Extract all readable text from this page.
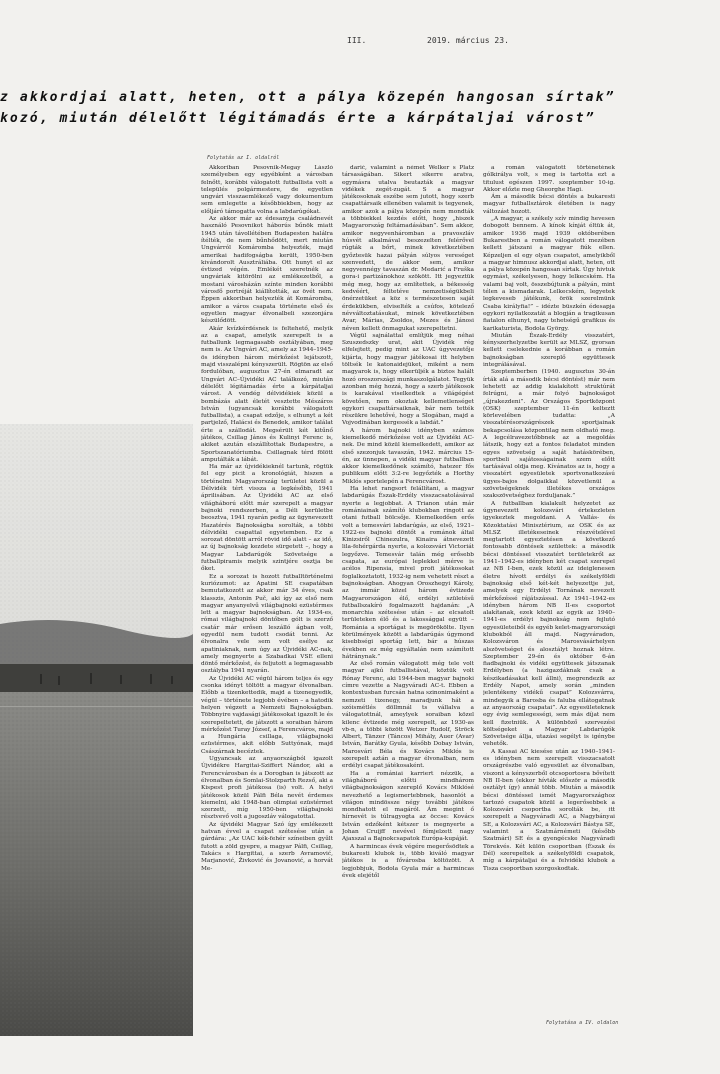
III.	2019. március 23.
z akkordjai alatt, heten, ott a pálya közepén hangosan sírtak”
kozó, miután délelőtt légitámadás érte a kárpátaljai várost”
Folytatás az I. oldalról

Akkoriban Pesovnik-Megay László személyeben egy egyébként a városban felnőtt, korábbi válogatott futballista volt a település polgármestere, de egyetlen ungvári visszaemlékező vagy dokumentum sem emlegette a későbbiekben, hogy az előljáró támogatta volna a labdarúgókat.

Az akkor már az édesanyja családnevét használó Pesovnikot háborús bűnök miatt 1945 után távollétében Budapesten halálra ítélték, de nem bűnhődött, mert miután Ungvárról Komáromba helyezték, majd amerikai hadifogságba került, 1950-ben kivándorolt Ausztráliába. Ott hunyt el az évtized végén. Emlékét szeretnék az ungváriak kitörölni az emlékezetből, a mostani városházán színte minden korábbi városfő portréját kiállították, az övét nem. Éppen akkoriban helyezték át Komáromba, amikor a város csapata története első és egyetlen magyar élvonalbeli szezonjára készülődött.

Akár kvízkérdésnek is feltehető, melyik az a csapat, amelyik szerepelt is a futballunk legmagasabb osztályában, meg nem is. Az Ungvári AC, amely az 1944–1945-ös idényben három mérkőzést lejátszott, majd visszalépni kényszerült. Rögtön az első fordulóban, augusztus 27-én elmaradt az Ungvári AC–Újvidéki AC találkozó, miután délelőtt légitámadás érte a kárpátaljai várost. A vendég délvidékiek közül a bombázás alatt életét vesztette Mészáros István (ugyancsak korábbi válogatott futballista), a csapat edzője, s elhunyt a két partjelző, Halácsi és Benedek, amikor találat érte a szállodát. Megsérült két kitűnő játékos, Csillag János és Kulinyi Ferenc is, akiket azután elszállítottak Budapestre, a Sportszanatóriumba. Csillagnak térd fölött amputálták a lábát.

Ha már az újvidékieknél tartunk, rögtük fel egy picit a kronológiát, hiszen a történelmi Magyarország területei közül a Délvidék tért vissza a legkésőbb, 1941 áprilisában. Az Újvidéki AC az első világháború előtt már szerepelt a magyar bajnoki rendszerben, a Déli kerületbe beosztva, 1941 nyarán pedig az ügynevezett Hazatérés Bajnokságba sorolták, a többi délvidéki csapattal egyetemben. Ez a sorozat döntött arról rövid idő alatt – az idő, az új bajnokság kezdete sürgetett –, hogy a Magyar Labdarúgók Szövetsége a futballpiramis melyik szintjére osztja be őket.

Ez a sorozat is hozott futballtörténelmi kuriózumot: az Apatini SE csapatában bemutatkozott az akkor már 34 éves, csak klasszis, Antonin Puč, aki így az első nem magyar anyanyelvű világbajnoki ezüstérmes lett a magyar bajnokságban. Az 1934-es, római világbajnoki döntőben gólt is szerző csatár már erősen leszálló ágban volt, egyedül nem tudott csodát tenni. Az élvonalra vele sem volt esélye az apatiniaknak, nem úgy az Újvidéki AC-nak, amely megnyerte a Szabadkai VSE elleni döntő mérkőzést, és feljutott a legmagasabb osztályba 1941 nyarán.

Az Újvidéki AC végül három teljes és egy csonka idényt töltött a magyar élvonalban. Előbb a tizenkettedik, majd a tizenegyedik, végül – története legjobb évében – a hatodik helyen végzett a Nemzeti Bajnokságban. Többnyire vajdasági játékosokat igazolt le és szerepeltetett, de játszott a soraiban három mérkőzést Turay József, a Ferencváros, majd a Hungária csillaga, világbajnoki ezüstérmes, akit előbb Suttyónak, majd Császárnak becéztek.

Ugyancsak az anyaországból igazolt Újvidékre Hargitai-Sziffert Nándor, aki a Ferencvárosban és a Dorogban is játszott az élvonalban és Somlai-Stolzparth Rezső, aki a Kispest profi játékosa (is) volt. A helyi játékosok közül Pálfi Béla nevét érdemes kiemelni, aki 1948-ban olimpiai ezüstérmet szerzett, míg 1950-ben világbajnoki résztvevő volt a jugoszláv válogatottal.

Az újvidéki Magyar Szó így emlékezett hatvan évvel a csapat szétesése után a gárdára: „Az UAC kék-fehér színeiben gyűlt futott a zöld gyepre, a magyar Pálfi, Csillag, Takács s Hargittai, a szerb Avramović, Marjanović, Živković és Jovanović, a horvát Me-

darić, valamint a német Welker s Platz társaságában. Sikert sikerre aratva, egymásra utalva beutazták a magyar vidékek zegét-zugát. S a magyar játékosoknak eszébe sem jutott, hogy szerb csapattársaik ellenében valamit is tegyenek, amikor azok a pálya közepén nem mondták a többiekkel kezdés előtt, hogy „hiszek Magyarország feltámadásában”. Sem akkor, amikor negyvenháromban a pravoszláv húsvét alkalmával beszezelten felérővel rúgták a bőrt, minek következtében győztesük hazai pályán súlyos vereséget szenvedett, de akkor sem, amikor negyvennégy tavaszán dr. Medarić a Fruška gora-i partizánokhoz szökött. Itt jegyeztük még meg, hogy az említettek, a békesség kedvéért, féltetéve nemzetiségükbeli önérzetüket a köz s természetesen saját érdekükben, elviselték a csúfos, kötelező névváltoztatásukat, minek következtében Avar, Márias, Zsoldos, Mezes és Jánosi néven kellett önmagukat szerepeltetni.

Végül sajnálattal említjük meg néhai Szuszedszky urat, akit Újvidék rég elfelejtett, pedig mint az UAC úgyvezetője kijárta, hogy magyar játékosai itt helyben töltsék le katonaidejüket, miként a nem magyarok is, hogy elkerüljék a biztos halált hozó oroszországi munkaszolgálatot. Tegyük azonban még hozzá, hogy a szerb játékosok is karakával viselkedtek a világégést követően, nem okoztak kellemetlenséget egykori csapattársaiknak, bár nem tették részükre lehetővé, hogy a Slogában, majd a Vojvodinában kergessék a labdát.”

A három bajnoki idényben számos kiemelkedő mérkőzése volt az Újvidéki AC-nek. De mind közül kiemelkedett, amikor az első szezonjuk tavaszán, 1942. március 15-én, az ünnepen, a vidéki magyar futballban akkor kiemelkedőnek számító, hatezer fős publikum előtt 3:2-re legyőzték a Horthy Miklós sportelepén a Ferencvárost.

Ha lehet rangsort felállítani, a magyar labdarúgás Észak-Erdély visszacsatolásával nyerte a legjobbat. A Trianon után már romániainak számító klubokban ringott az otani futball bölcsője. Kiemelkedően erős volt a temesvári labdarúgás, az első, 1921–1922-es bajnoki döntőt a románok által Kinizsiről Chinezulra, Kinaira átnevezett lila-fehérgárda nyerte, a kolozsvári Victoriát legyőzve. Temesvár talán még erősebb csapata, az európai leplekkel mérve is acélos Ripensia, mivel profi játékosokat foglalkoztatott, 1932-ig nem vehetett részt a bajnokságban. Ahogyan Oroszhegyi Károly, az immár közel három évtizede Magyarországon élő, erdélyi születésű futballszakíró fogalmazott hajdanán: „A monarchia szétesése után – az elcsatolt területeken élő és a lakossággal együtt – Románia a sportágat is megörökölte. Ilyen körülmények között a labdarúgás úgymond kisebbségi sportág lett, bár a húszas években ez még egyáltalán nem számított hátránynak.”

Az első román válogatott még tele volt magyar ajkú futballistával, köztük volt Rónay Ferenc, aki 1944-ben magyar bajnoki címre vezette a Nagyváradi AC-t. Ebben a kontextusban furcsán hatna szinonimaként a nemzeti tizenegy, maradjunk hát a szóismétlés döllmnál ts vállalva a válogatottnál, ameylyek soraiban közel kilenc évtizede még szerepelt, az 1930-as vb-n, a többi között Wetzer Rudolf, Ströck Albert, Tänzer (Táncos) Mihály, Auer (Avar) István, Barátky Gyula, később Dobay István, Marosvári Béla és Kovács Miklós is szerepelt aztán a magyar élvonalban, nem erdélyi csapat játékosaként.

Ha a romániai karriert nézzük, a világháború előtti mindhárom világbajnokságon szereplő Kovács Miklósé nevezhető a legismertebbnek, hasonlót a világon mindössze négy további játékos mondhatott el magáról. Ám megint ő hírnevét is túlragyogta az öccse: Kovács István edzőként kétszer is megnyerte a Johan Cruijff nevével fémjelzett nagy Ajaxszal a Bajnokcsapatok Európa-kupáját.

A harmincas évek végére megerősödtek a bukaresti klubok is, több kiváló magyar játékos is a fővárosba költözött. A legjobbjuk, Bodola Gyula már a harmincas évek elejétől

a román válogatott történetének gólkirálya volt, s meg is tartotta ezt a titulust egészen 1997. szeptember 10-ig. Akkor előzte meg Gheorghe Hagi.

Ám a második bécsi döntés a bukaresti magyar futballsztárok életében is nagy változást hozott.

„A magyar, a székely szív mindig hevesen dobogott bennem. A kínok kínját éltük át, amikor 1936 majd 1939 októberében Bukarestben a román válogatott mezében kellett játszani a magyar fiúk ellen. Képzeljen el egy olyan csapatot, amelyikből a magyar himnusz akkordjai alatt, heten, ott a pálya közepén hangosan sírtak. Úgy hivtuk egymást, székelyesen, hogy lelkecském. Ha valami baj volt, összebújtunk a pályán, mint télen a kismadarak. Lelkecském, legyetek legkeveseb játékunk, örök szerelmünk Csaba királyfia!” – idézte büszkén édesapja egykori nyilatkozatát a blogján a tragikusan fiatalon elhunyt, nagy tehetségű grafikus és karikaturista, Bodola György.

Miután Észak-Erdély visszatért, kényszerhelyzetbe került az MLSZ, gyorsan kellett cselekednie a korábban a román bajnokságban szereplő együttesek integrálásával.

Szeptemberben (1940. augusztus 30-án írták alá a második bécsi döntést) már nem lehetett az addig kialakított struktúrát felrúgni, a már folyó bajnokságot „újrakezdeni”. Az Országos Sportközpont (OSK) szeptember 11-én kelteztt körlevelében tudatta: „A visszatérésországrészek sportjainak bekapcsolása központilag nem oldható meg. A legcélravezetőbbnek az a megoldás látszik, hogy ezt a fontos feladatot minden egyes szövetség a saját hatáskörében, sportbeli sajátosságainak szem előtt tartásával oldja meg. Kívánatos az is, hogy a visszatért egyesületek sportvonatkozású ügyes-bajos dolgaikkal közvetlenül a szövetségeknek illetékes országos szakszövetséghez forduljanak.”

A futballban kialakult helyzetet az úgynevezett kolozsvári értekezleten igyekeztek megoldani. A Vallás- és Közoktatási Minisztérium, az OSK és az MLSZ illetékeseinek részvételével megtartott egyeztetésen a következő fontosabb döntések születtek: a második bécsi döntéssel visszatért területekről az 1941–1942-es idényben két csapat szerepel az NB I-ben, ezek közül az ideiglenesen életre hívott erdélyi és székelyföldi bajnokság első két-két helyezettje jut, amelyek egy Erdélyi Tornának nevezett mérkőzéssé rájátszással. Az 1941–1942-es idényben három NB II-es csoportot alakítanak, ezek közül az egyik az 1940–1941-es erdélyi bajnokság nem fejlutó egyesületeiből és egyéb kelet-magyarországi klubokból áll majd. Nagyváradon, Kolozsváron és Marosvásárhelyen alszövetséget és alosztályt hoznak létre. Szeptember 29-én és október 6-án fiadbajnoki és vidéki együttesek játszanak Erdélyben (a hazigazdáknak csak a készikadásakat kell állni), megrendezik az Erdély Napot, amely során „minden jelentékeny vidékű csapat” Kolozsvárra, mindegyik a Barosba és faluba ellátogatnak az anyaország csapatai”. Az egyesületeknek egy évig semlegességi, sem más díjat nem kell fizetniük. A különböző szervezési költségeket a Magyar Labdarúgók Szövetsége állja, utazási segélyt is igénybe vehetők.

A Kassai AC kiesése után az 1940–1941-es idényben nem szerepelt visszacsatolt országrészbe való egyesület az élvonalban, viszont a kényszerből otcsoportosra bővített NB II-ben (ekkor hívták először a második osztályt így) annál több. Miután a második bécsi döntéssel ismét Magyarországhoz tartozó csapatok közül a legerősebbek a Kolozsvári csoportba sorolták be, itt szerepelt a Nagyváradi AC, a Nagybányai SE, a Kolozsvári AC, a Kolozsvári Bástya SE, valamint a Szatmárnémeti (később Szatmári) SE és a gyengécske Nagyváradi Törekvés. Két külön csoportban (Észak és Dél) szerepeltek a székelyföldi csapatok, míg a kárpátaljai és a felvidéki klubok a Tisza csoportban szorgoskodtak.

Folytatása a IV. oldalon
